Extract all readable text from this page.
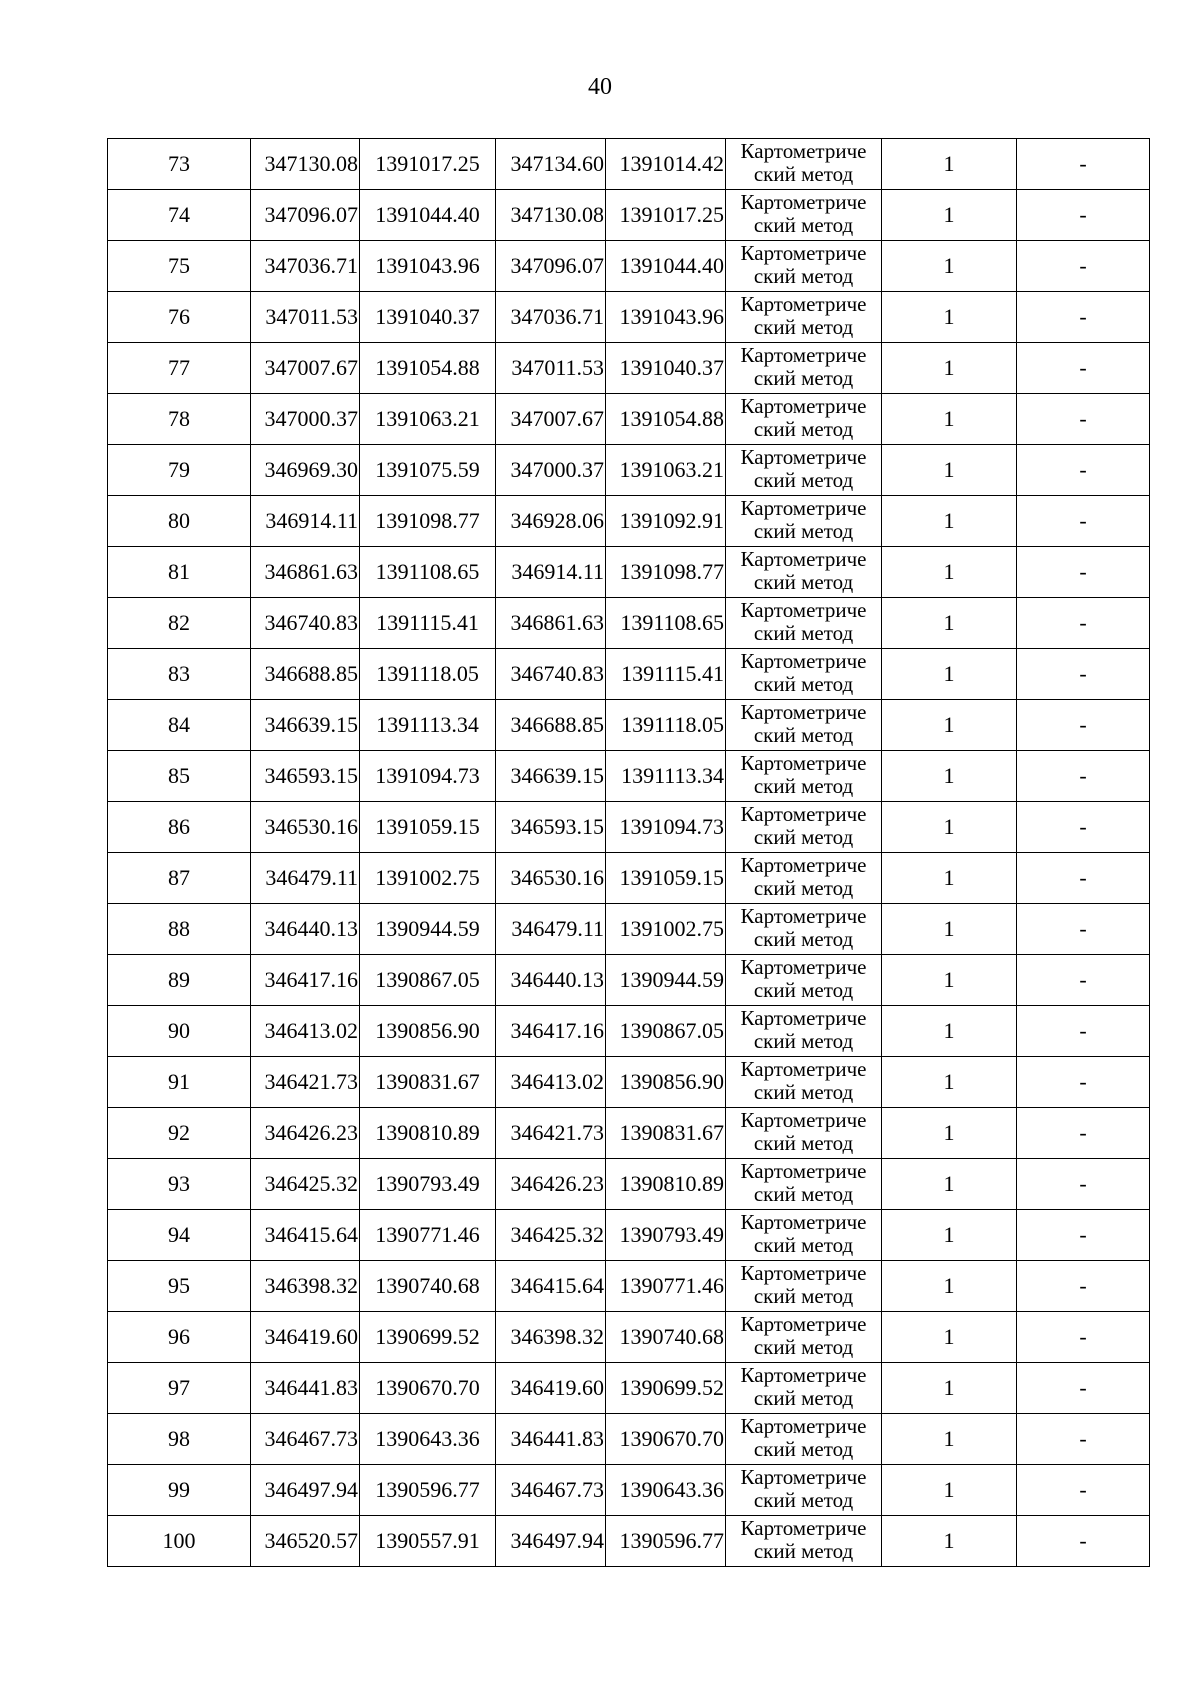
40
73	347130.08	1391017.25	347134.60	1391014.42	Картометриче
ский метод	1	-
74	347096.07	1391044.40	347130.08	1391017.25	Картометриче
ский метод	1	-
75	347036.71	1391043.96	347096.07	1391044.40	Картометриче
ский метод	1	-
76	347011.53	1391040.37	347036.71	1391043.96	Картометриче
ский метод	1	-
77	347007.67	1391054.88	347011.53	1391040.37	Картометриче
ский метод	1	-
78	347000.37	1391063.21	347007.67	1391054.88	Картометриче
ский метод	1	-
79	346969.30	1391075.59	347000.37	1391063.21	Картометриче
ский метод	1	-
80	346914.11	1391098.77	346928.06	1391092.91	Картометриче
ский метод	1	-
81	346861.63	1391108.65	346914.11	1391098.77	Картометриче
ский метод	1	-
82	346740.83	1391115.41	346861.63	1391108.65	Картометриче
ский метод	1	-
83	346688.85	1391118.05	346740.83	1391115.41	Картометриче
ский метод	1	-
84	346639.15	1391113.34	346688.85	1391118.05	Картометриче
ский метод	1	-
85	346593.15	1391094.73	346639.15	1391113.34	Картометриче
ский метод	1	-
86	346530.16	1391059.15	346593.15	1391094.73	Картометриче
ский метод	1	-
87	346479.11	1391002.75	346530.16	1391059.15	Картометриче
ский метод	1	-
88	346440.13	1390944.59	346479.11	1391002.75	Картометриче
ский метод	1	-
89	346417.16	1390867.05	346440.13	1390944.59	Картометриче
ский метод	1	-
90	346413.02	1390856.90	346417.16	1390867.05	Картометриче
ский метод	1	-
91	346421.73	1390831.67	346413.02	1390856.90	Картометриче
ский метод	1	-
92	346426.23	1390810.89	346421.73	1390831.67	Картометриче
ский метод	1	-
93	346425.32	1390793.49	346426.23	1390810.89	Картометриче
ский метод	1	-
94	346415.64	1390771.46	346425.32	1390793.49	Картометриче
ский метод	1	-
95	346398.32	1390740.68	346415.64	1390771.46	Картометриче
ский метод	1	-
96	346419.60	1390699.52	346398.32	1390740.68	Картометриче
ский метод	1	-
97	346441.83	1390670.70	346419.60	1390699.52	Картометриче
ский метод	1	-
98	346467.73	1390643.36	346441.83	1390670.70	Картометриче
ский метод	1	-
99	346497.94	1390596.77	346467.73	1390643.36	Картометриче
ский метод	1	-
100	346520.57	1390557.91	346497.94	1390596.77	Картометриче
ский метод	1	-
